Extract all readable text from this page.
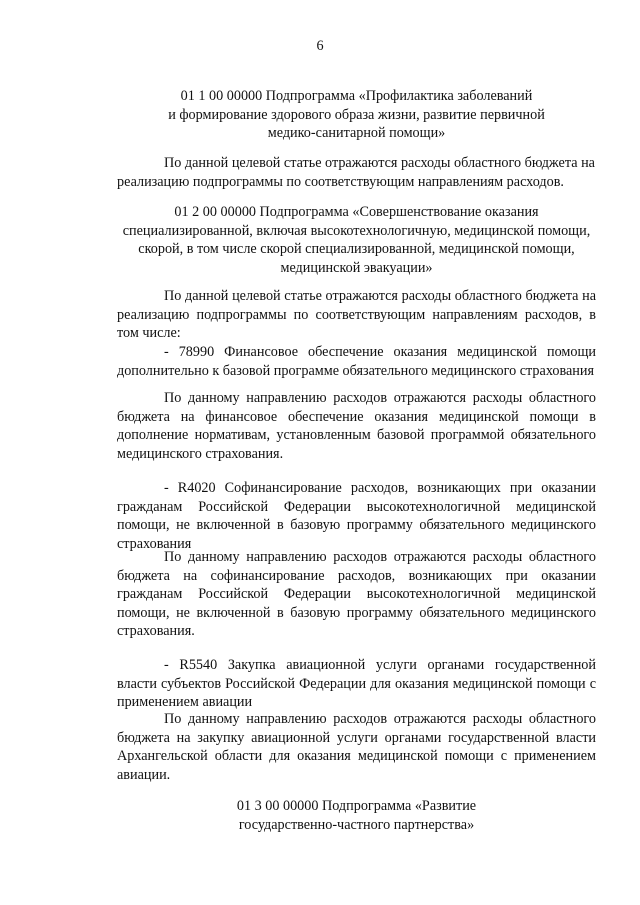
6
01 1 00 00000 Подпрограмма «Профилактика заболеваний
и формирование здорового образа жизни, развитие первичной
медико-санитарной помощи»
По данной целевой статье отражаются расходы областного бюджета на
реализацию подпрограммы по соответствующим направлениям расходов.
01 2 00 00000 Подпрограмма «Совершенствование оказания
специализированной, включая высокотехнологичную, медицинской помощи,
скорой, в том числе скорой специализированной, медицинской помощи,
медицинской эвакуации»
По данной целевой статье отражаются расходы областного бюджета на реализацию подпрограммы по соответствующим направлениям расходов, в том числе:
- 78990 Финансовое обеспечение оказания медицинской помощи дополнительно к базовой программе обязательного медицинского страхования
По данному направлению расходов отражаются расходы областного бюджета на финансовое обеспечение оказания медицинской помощи в дополнение нормативам, установленным базовой программой обязательного медицинского страхования.
- R4020 Софинансирование расходов, возникающих при оказании гражданам Российской Федерации высокотехнологичной медицинской помощи, не включенной в базовую программу обязательного медицинского страхования
По данному направлению расходов отражаются расходы областного бюджета на софинансирование расходов, возникающих при оказании гражданам Российской Федерации высокотехнологичной медицинской помощи, не включенной в базовую программу обязательного медицинского страхования.
- R5540 Закупка авиационной услуги органами государственной власти субъектов Российской Федерации для оказания медицинской помощи с применением авиации
По данному направлению расходов отражаются расходы областного бюджета на закупку авиационной услуги органами государственной власти Архангельской области для оказания медицинской помощи с применением авиации.
01 3 00 00000 Подпрограмма «Развитие
государственно-частного партнерства»
